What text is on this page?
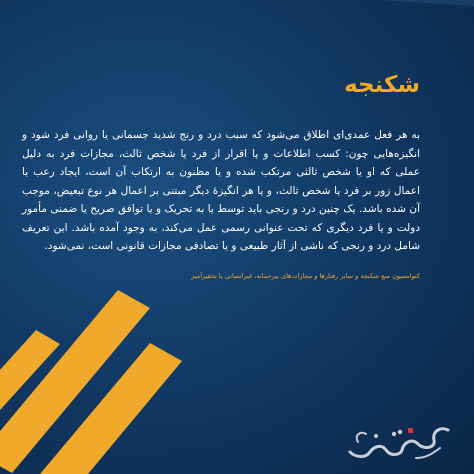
شکنجه
به هر فعل عمدی‌ای اطلاق می‌شود که سبب درد و رنج شدید جسمانی یا روانی فرد شود و انگیزه‌هایی چون: کسب اطلاعات و یا اقرار از فرد یا شخص ثالث، مجازات فرد به دلیل عملی که او یا شخص ثالثی مرتکب شده و یا مظنون به ارتکاب آن است، ایجاد رعب یا اعمال زور بر فرد یا شخص ثالث، و یا هر انگیزهٔ دیگر مبتنی بر اعمال هر نوع تبعیض، موجب آن شده باشد. یک چنین درد و رنجی باید توسط یا به تحریک و یا توافق صریح یا ضمنی مأمور دولت و یا فرد دیگری که تحت عنوانی رسمی عمل می‌کند، به وجود آمده باشد. این تعریف شامل درد و رنجی که ناشی از آثار طبیعی و یا تصادفی مجازات قانونی است، نمی‌شود.
کنوانسیون منع شکنجه و سایر رفتارها و مجازات‌های بیرحمانه، غیرانسانی یا تحقیرآمیز
